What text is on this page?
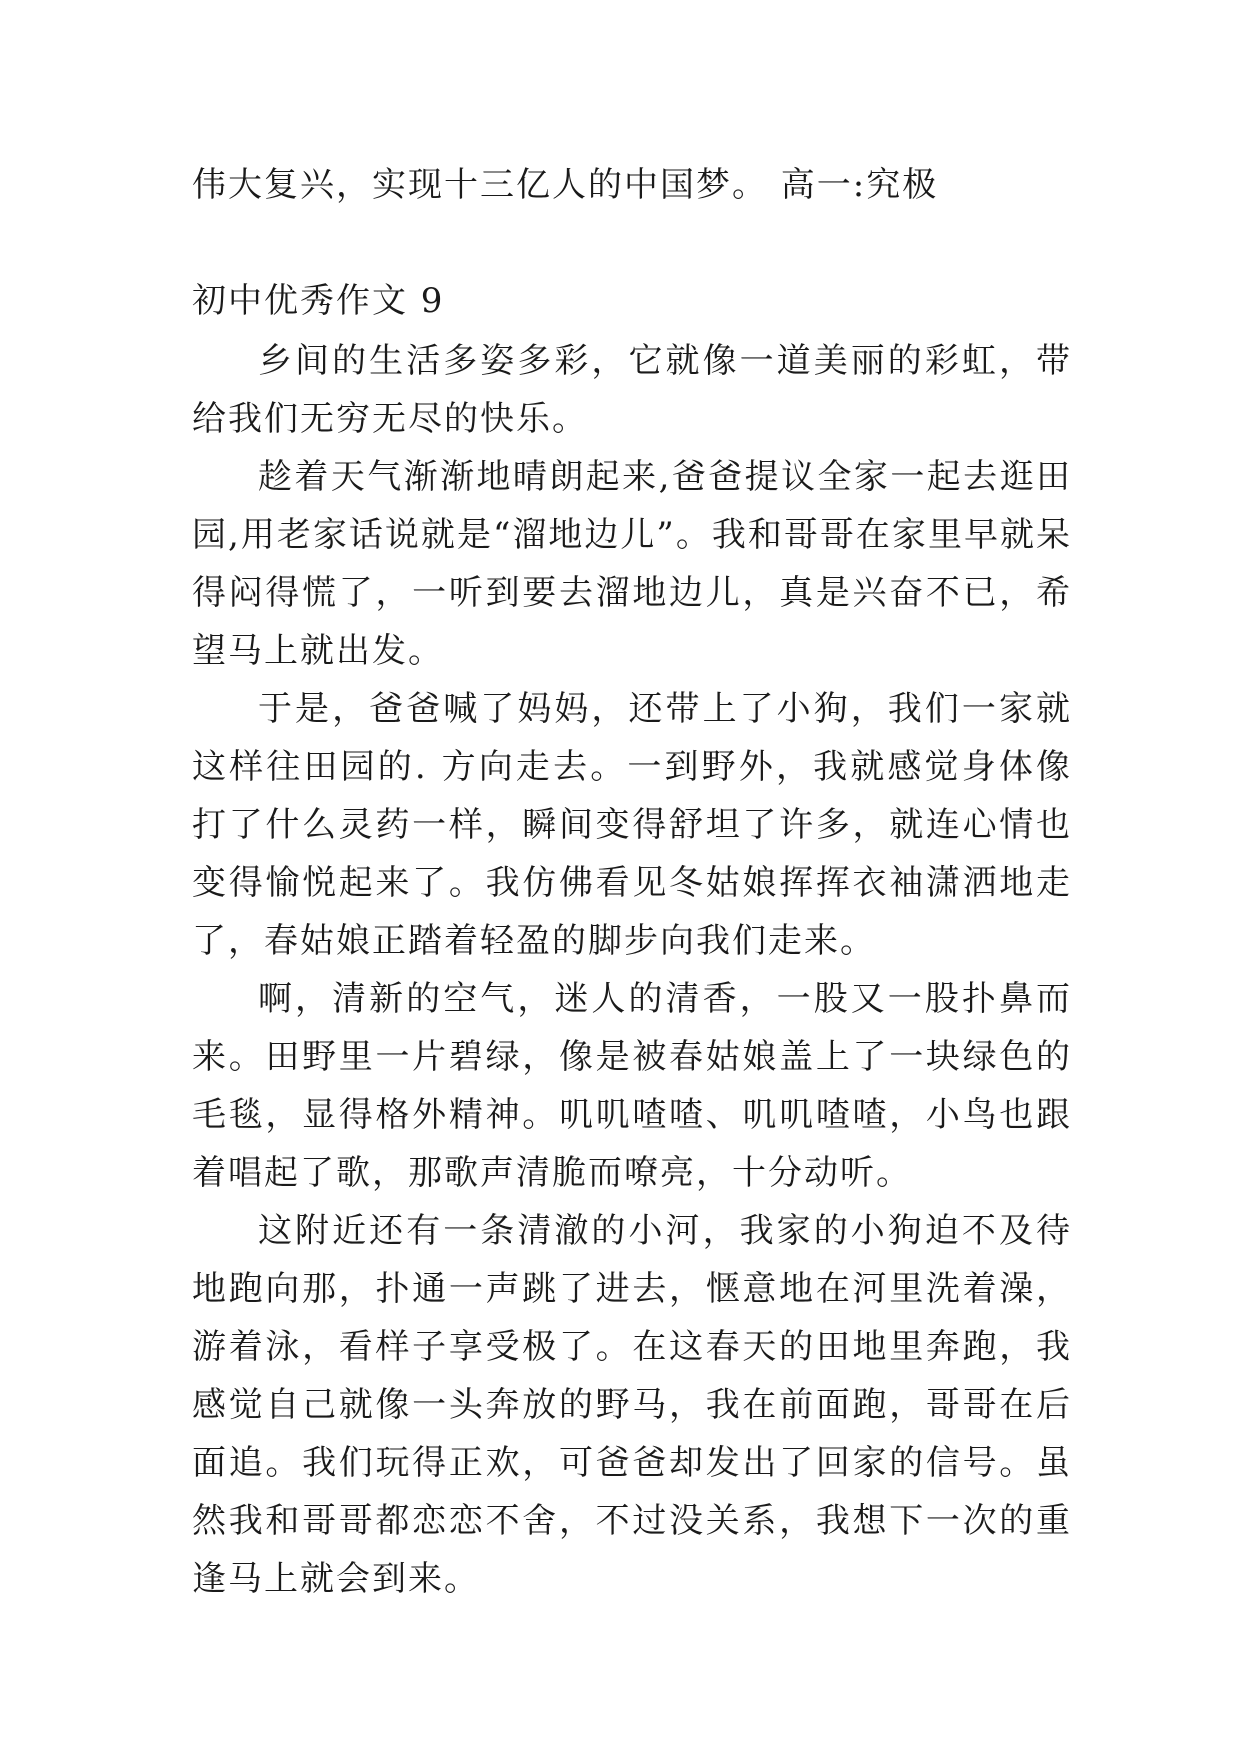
伟大复兴，实现十三亿人的中国梦。 高一:究极

初中优秀作文 9

乡间的生活多姿多彩，它就像一道美丽的彩虹，带给我们无穷无尽的快乐。

趁着天气渐渐地晴朗起来,爸爸提议全家一起去逛田园,用老家话说就是“溜地边儿”。我和哥哥在家里早就呆得闷得慌了，一听到要去溜地边儿，真是兴奋不已，希望马上就出发。

于是，爸爸喊了妈妈，还带上了小狗，我们一家就这样往田园的. 方向走去。一到野外，我就感觉身体像打了什么灵药一样，瞬间变得舒坦了许多，就连心情也变得愉悦起来了。我仿佛看见冬姑娘挥挥衣袖潇洒地走了，春姑娘正踏着轻盈的脚步向我们走来。

啊，清新的空气，迷人的清香，一股又一股扑鼻而来。田野里一片碧绿，像是被春姑娘盖上了一块绿色的毛毯，显得格外精神。叽叽喳喳、叽叽喳喳，小鸟也跟着唱起了歌，那歌声清脆而嘹亮，十分动听。

这附近还有一条清澈的小河，我家的小狗迫不及待地跑向那，扑通一声跳了进去，惬意地在河里洗着澡，游着泳，看样子享受极了。在这春天的田地里奔跑，我感觉自己就像一头奔放的野马，我在前面跑，哥哥在后面追。我们玩得正欢，可爸爸却发出了回家的信号。虽然我和哥哥都恋恋不舍，不过没关系，我想下一次的重逢马上就会到来。
